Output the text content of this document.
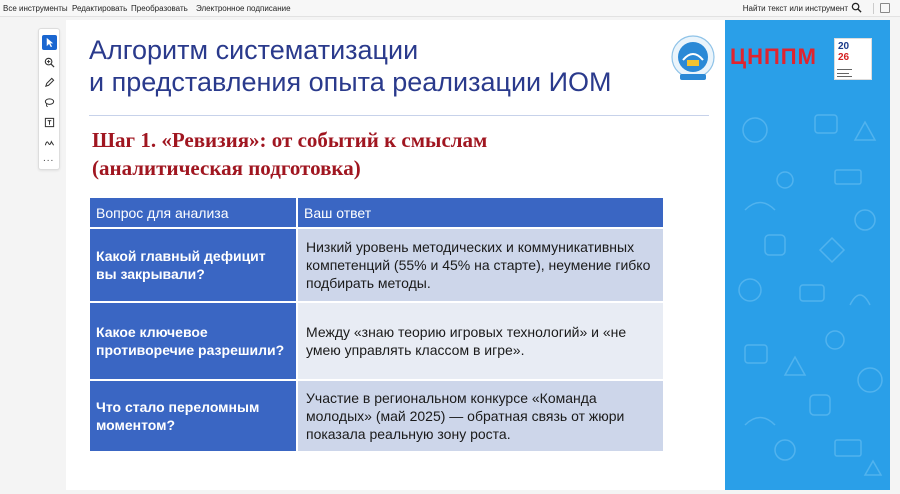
Все инструменты Редактировать Преобразовать Электронное подписание	Найти текст или инструмент
...
ЦНППМ 20
26
▬▬▬▬▬
▬▬▬▬
▬▬▬▬▬
Алгоритм систематизации
и представления опыта реализации ИОМ
Шаг 1. «Ревизия»: от событий к смыслам
(аналитическая подготовка)
Вопрос для анализа	Ваш ответ
Какой главный дефицит вы закрывали?	Низкий уровень методических и коммуникативных компетенций (55% и 45% на старте), неумение гибко подбирать методы.
Какое ключевое противоречие разрешили?	Между «знаю теорию игровых технологий» и «не умею управлять классом в игре».
Что стало переломным моментом?	Участие в региональном конкурсе «Команда молодых» (май 2025) — обратная связь от жюри показала реальную зону роста.
